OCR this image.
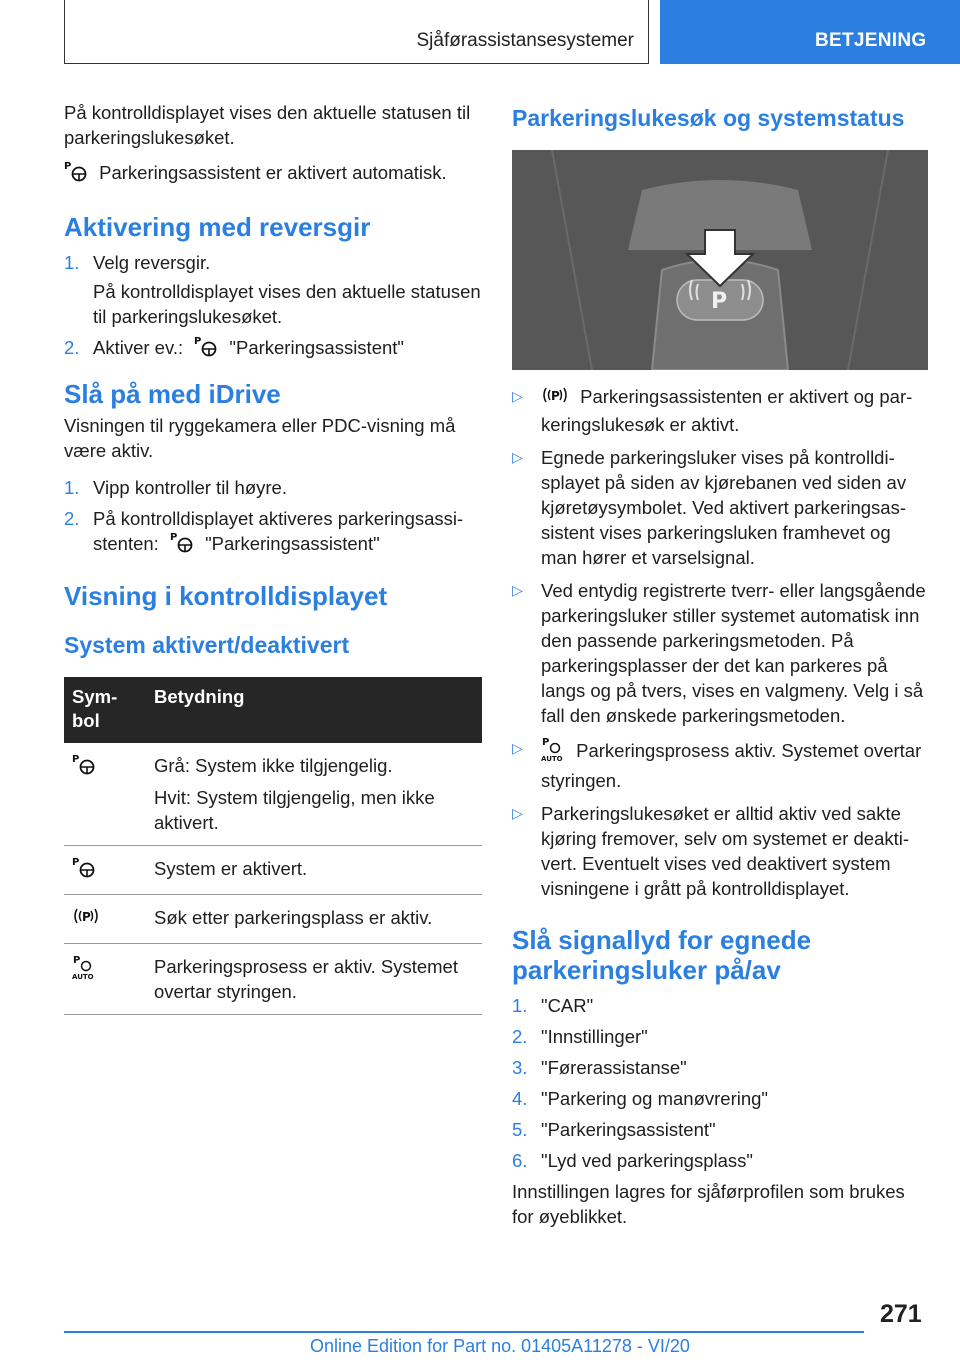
Sjåførassistansesystemer	BETJENING

På kontrolldisplayet vises den aktuelle statusen til parkeringslukesøket.

P Parkeringsassistent er aktivert automatisk.

Aktivering med reversgir
1. Velg reversgir.
På kontrolldisplayet vises den aktuelle statusen til parkeringslukesøket.
2. Aktiver ev.: P "Parkeringsassistent"
Slå på med iDrive

Visningen til ryggekamera eller PDC-visning må være aktiv.

1. Vipp kontroller til høyre.
2. På kontrolldisplayet aktiveres parkeringsassistenten: P "Parkeringsassistent"
Visning i kontrolldisplayet
System aktivert/deaktivert
Symbol	Betydning

P	Grå: System ikke tilgjengelig.

Hvit: System tilgjengelig, men ikke aktivert.

P	System er aktivert.

P	Søk etter parkeringsplass er aktiv.

P
AUTO	Parkeringsprosess er aktiv. Systemet overtar styringen.

Parkeringslukesøk og systemstatus
P
▷ P Parkeringsassistenten er aktivert og parkeringslukesøk er aktivt.
▷ Egnede parkeringsluker vises på kontrolldisplayet på siden av kjørebanen ved siden av kjøretøysymbolet. Ved aktivert parkeringsassistent vises parkeringsluken framhevet og man hører et varselsignal.
▷ Ved entydig registrerte tverr- eller langsgående parkeringsluker stiller systemet automatisk inn den passende parkeringsmetoden. På parkeringsplasser der det kan parkeres på langs og på tvers, vises en valgmeny. Velg i så fall den ønskede parkeringsmetoden.
▷ P
AUTO Parkeringsprosess aktiv. Systemet overtar styringen.
▷ Parkeringslukesøket er alltid aktiv ved sakte kjøring fremover, selv om systemet er deaktivert. Eventuelt vises ved deaktivert system visningene i grått på kontrolldisplayet.
Slå signallyd for egnede parkeringsluker på/av
1. "CAR"
2. "Innstillinger"
3. "Førerassistanse"
4. "Parkering og manøvrering"
5. "Parkeringsassistent"
6. "Lyd ved parkeringsplass"

Innstillingen lagres for sjåførprofilen som brukes for øyeblikket.

271
Online Edition for Part no. 01405A11278 - VI/20
